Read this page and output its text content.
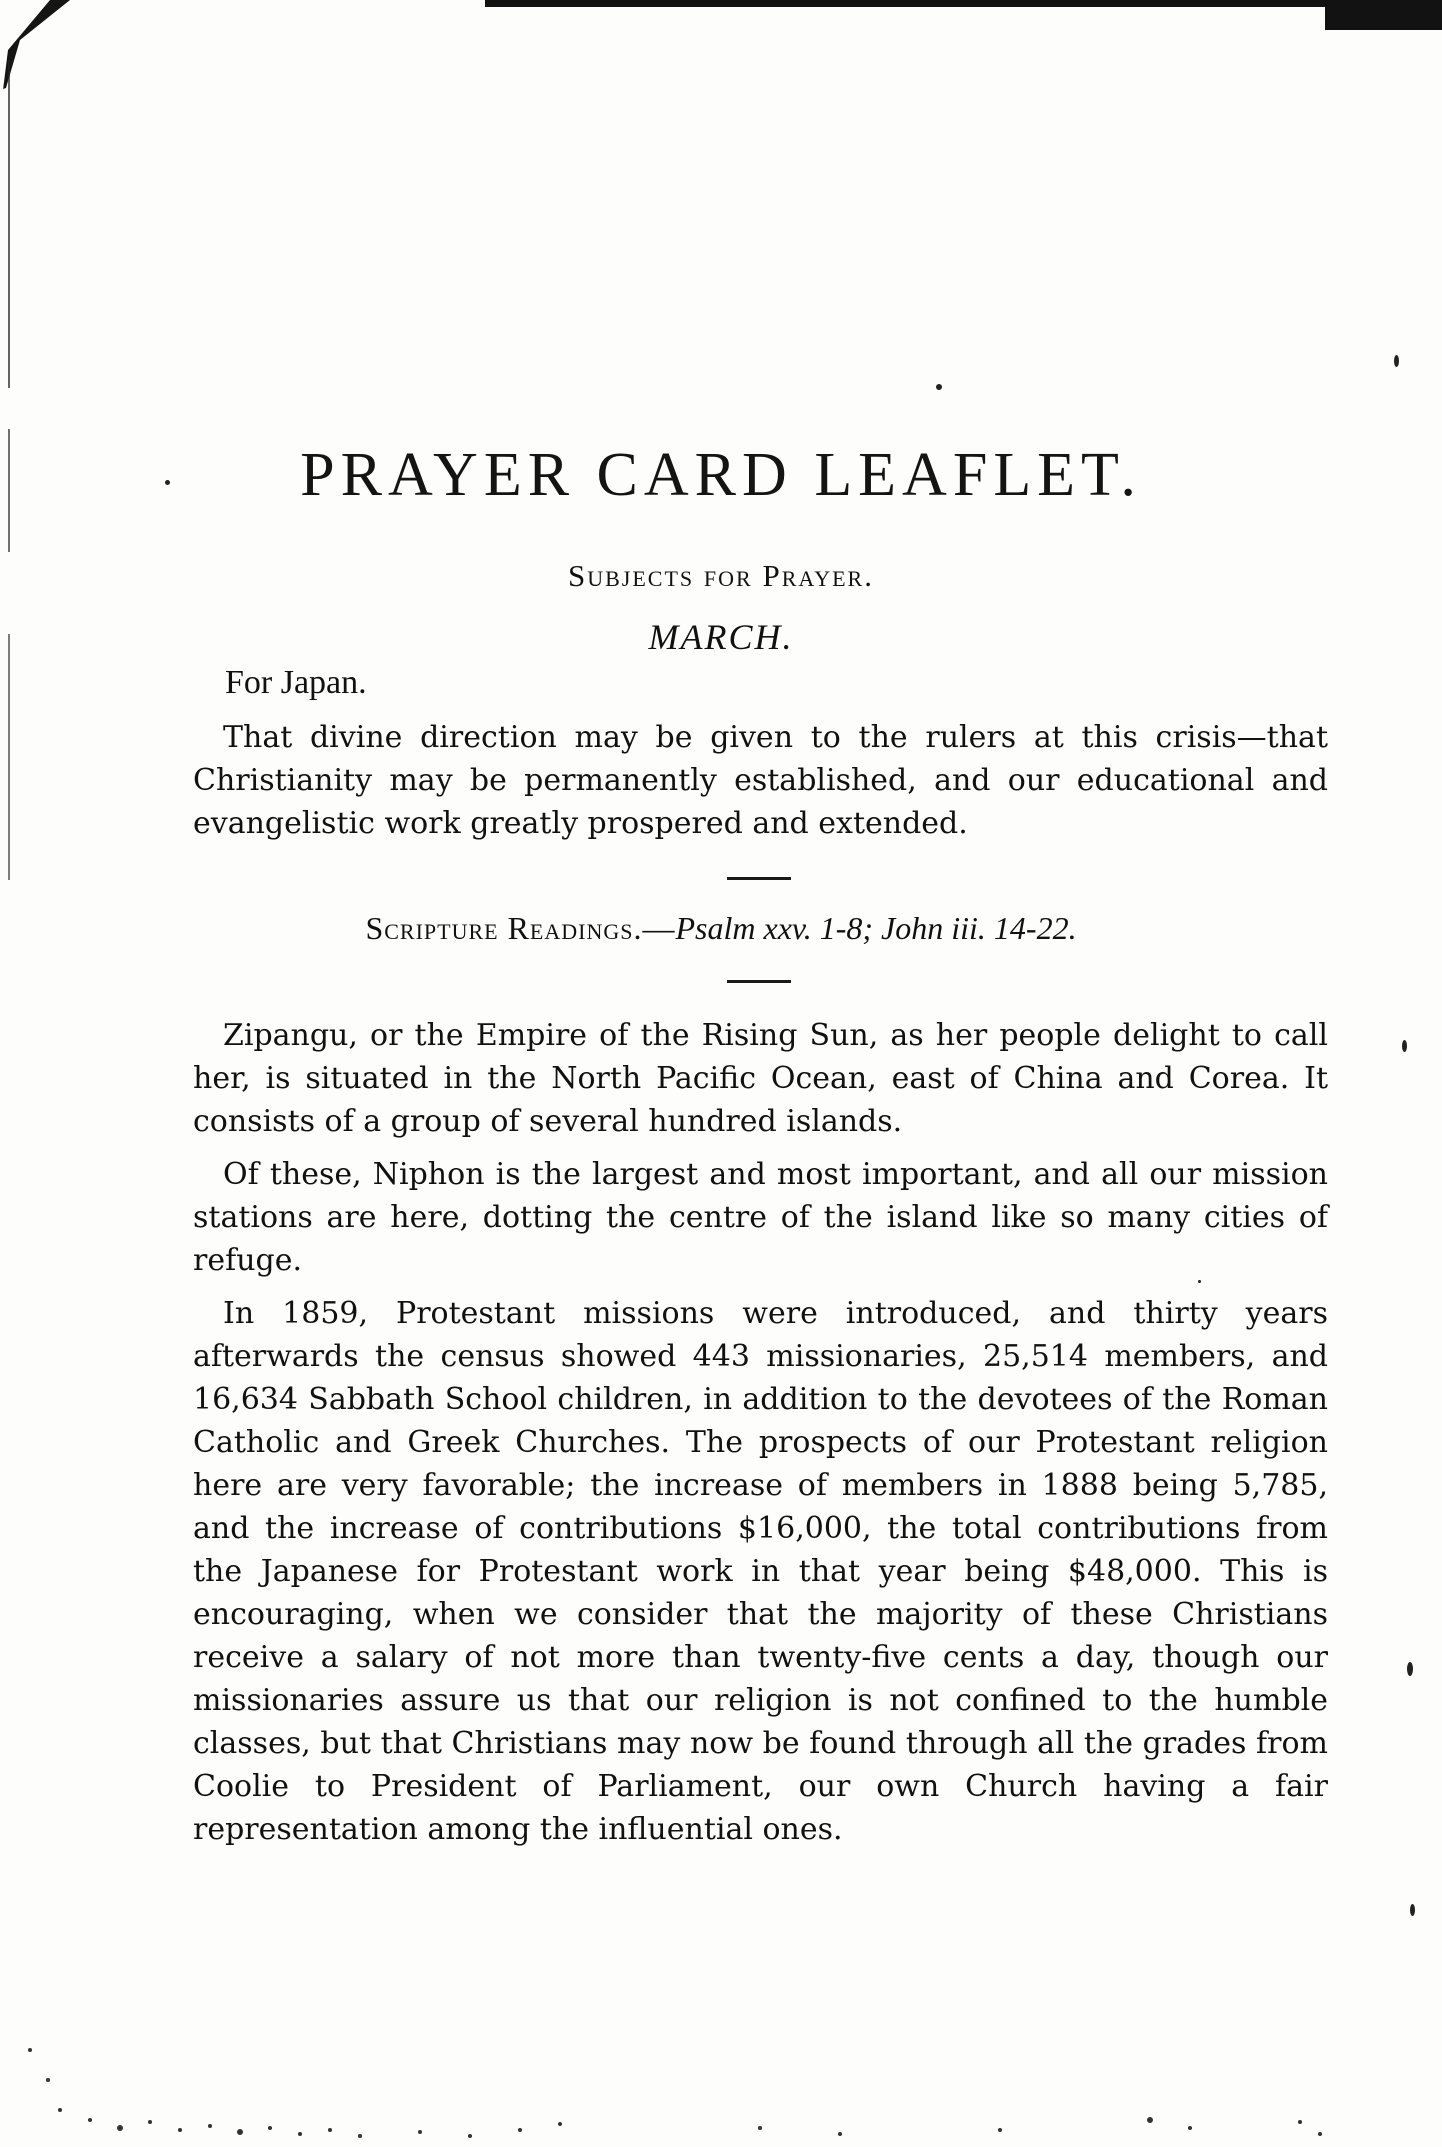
PRAYER CARD LEAFLET.
Subjects for Prayer.
MARCH.
For Japan.
That divine direction may be given to the rulers at this crisis—that Christianity may be permanently established, and our educational and evangelistic work greatly prospered and extended.
Scripture Readings.—Psalm xxv. 1-8; John iii. 14-22.

Zipangu, or the Empire of the Rising Sun, as her people delight to call her, is situated in the North Pacific Ocean, east of China and Corea. It consists of a group of several hundred islands.

Of these, Niphon is the largest and most important, and all our mission stations are here, dotting the centre of the island like so many cities of refuge.

In 1859, Protestant missions were introduced, and thirty years afterwards the census showed 443 missionaries, 25,514 members, and 16,634 Sabbath School children, in addition to the devotees of the Roman Catholic and Greek Churches. The prospects of our Protestant religion here are very favorable; the increase of members in 1888 being 5,785, and the increase of contributions $16,000, the total contributions from the Japanese for Protestant work in that year being $48,000. This is encouraging, when we consider that the majority of these Christians receive a salary of not more than twenty-five cents a day, though our missionaries assure us that our religion is not confined to the humble classes, but that Christians may now be found through all the grades from Coolie to President of Parliament, our own Church having a fair representation among the influential ones.
